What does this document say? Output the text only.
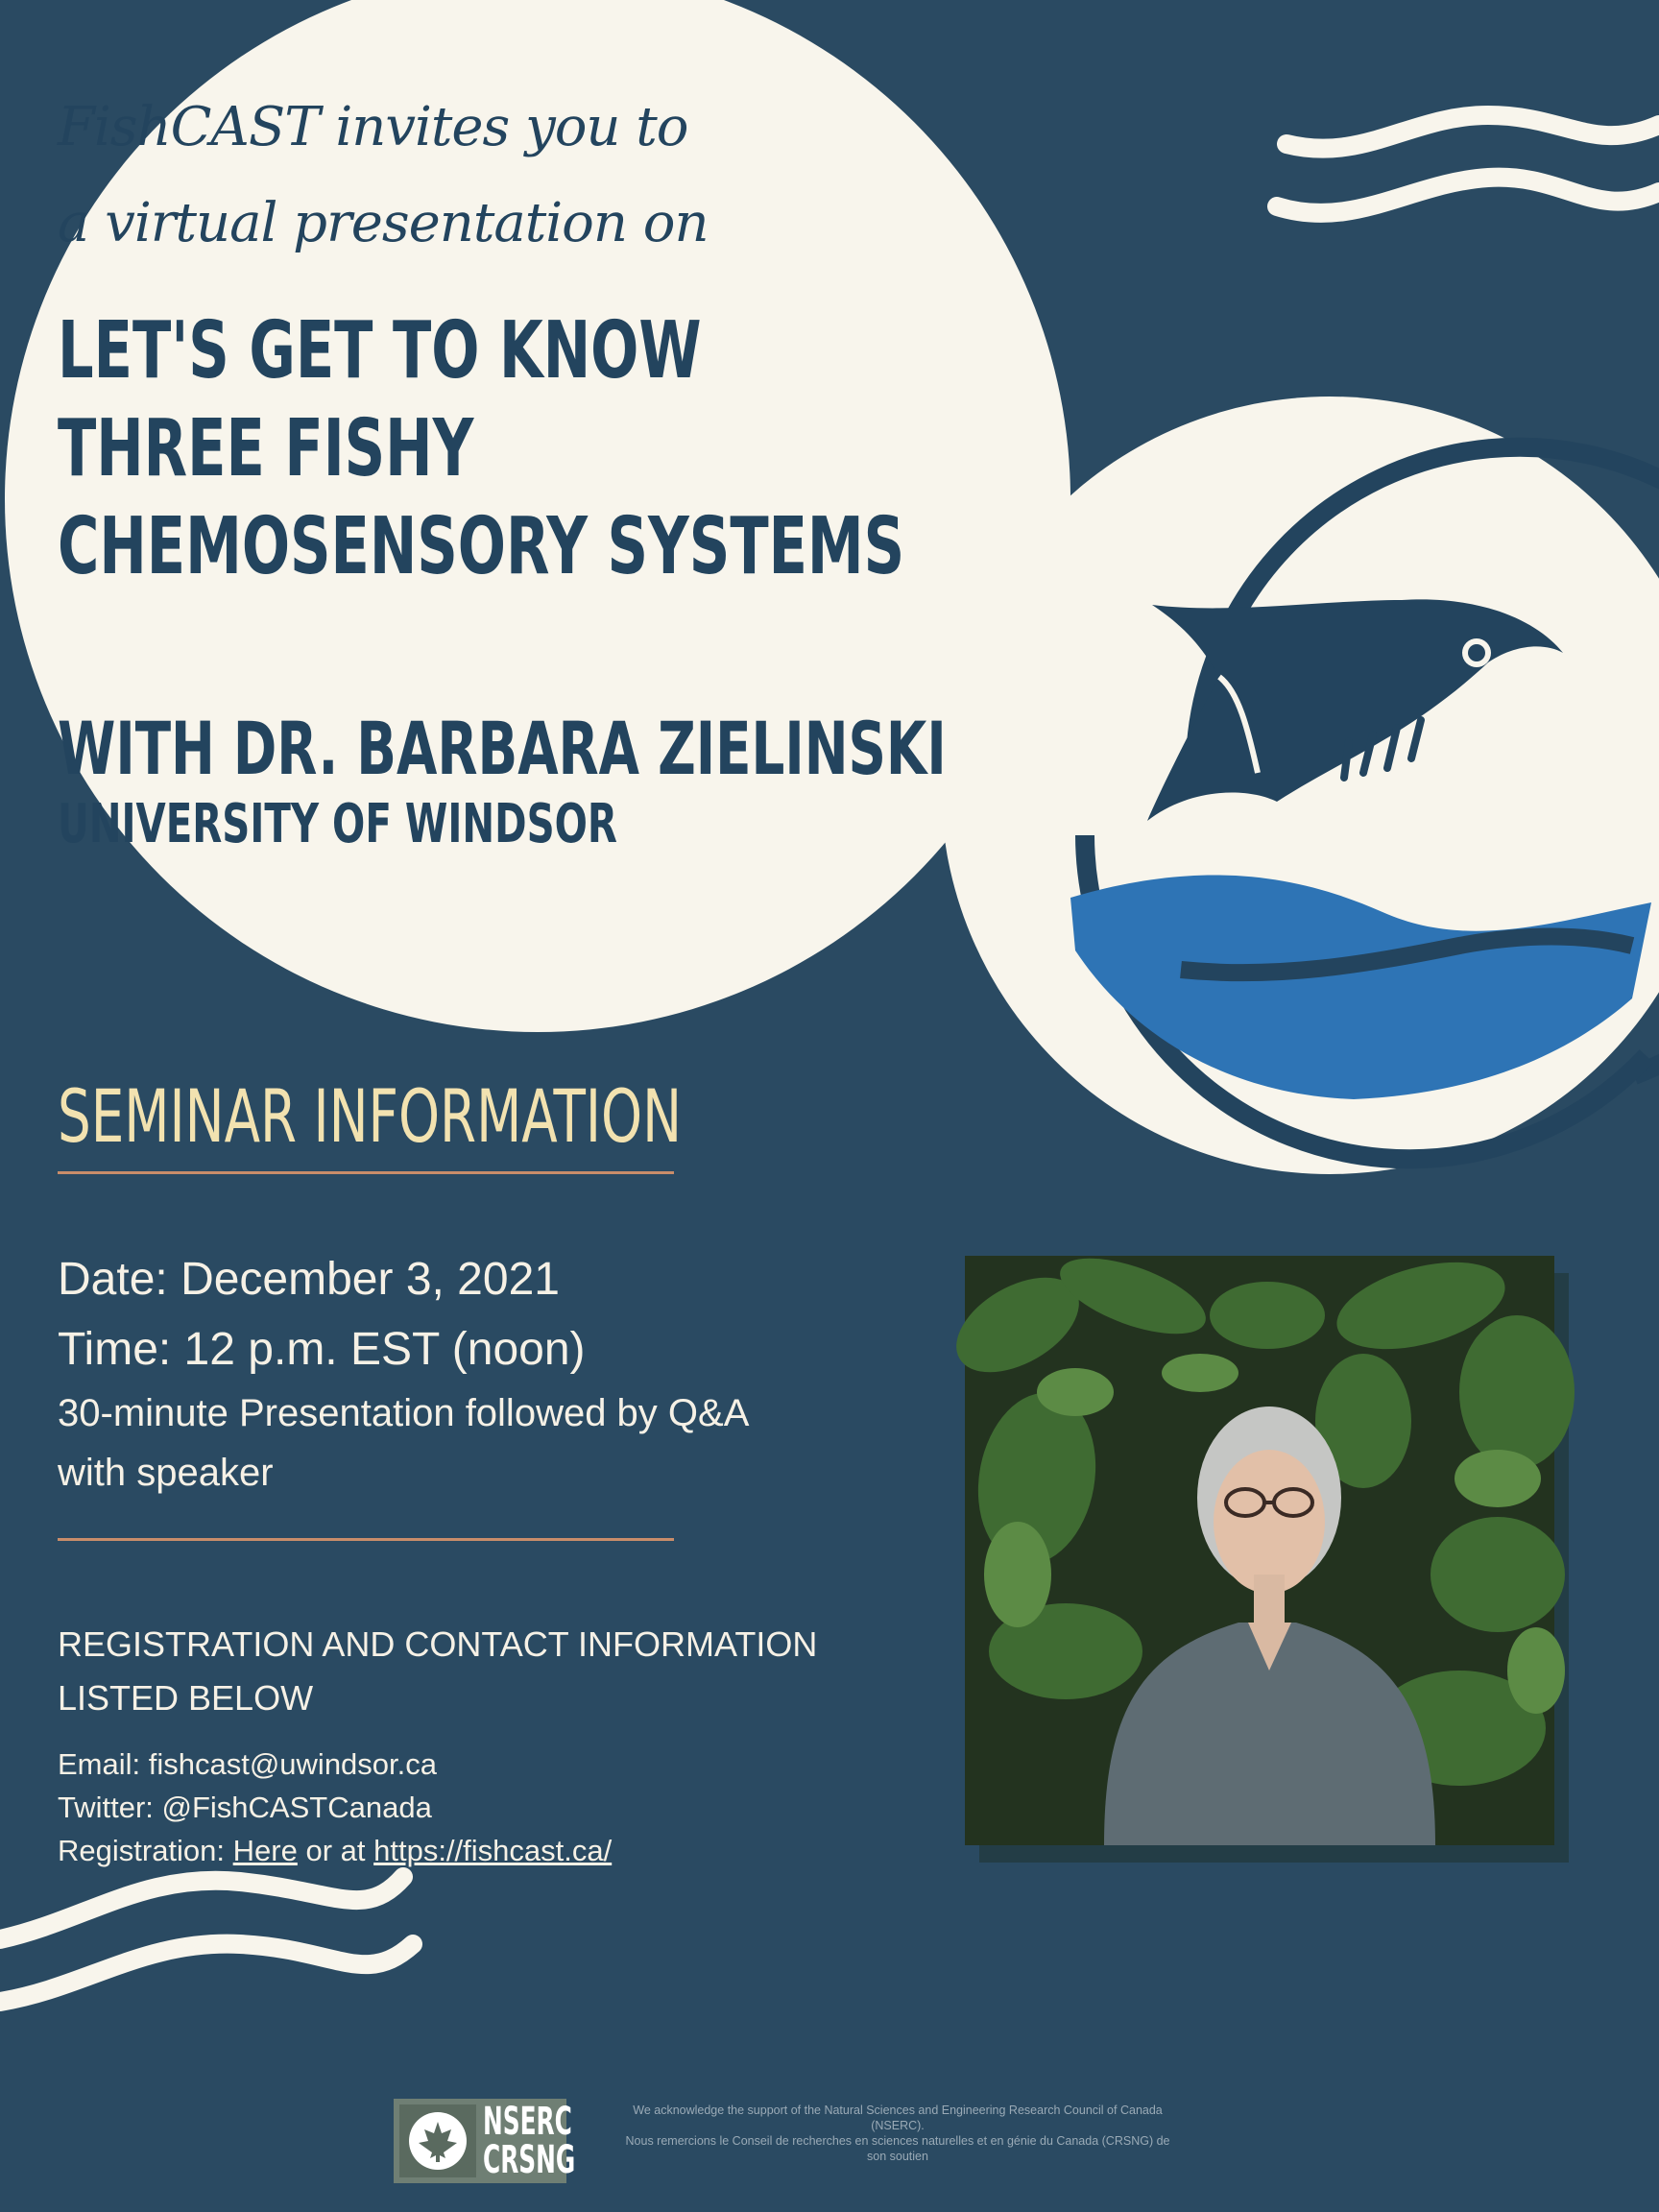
FishCAST invites you to
a virtual presentation on
LET'S GET TO KNOW
THREE FISHY
CHEMOSENSORY SYSTEMS
WITH DR. BARBARA ZIELINSKI
UNIVERSITY OF WINDSOR
SEMINAR INFORMATION
Date: December 3, 2021
Time: 12 p.m. EST (noon)
30-minute Presentation followed by Q&A
with speaker
REGISTRATION AND CONTACT INFORMATION
LISTED BELOW
Email: fishcast@uwindsor.ca
Twitter: @FishCASTCanada
Registration: Here or at https://fishcast.ca/
NSERC
CRSNG
We acknowledge the support of the Natural Sciences and Engineering Research Council of Canada
(NSERC).
Nous remercions le Conseil de recherches en sciences naturelles et en génie du Canada (CRSNG) de
son soutien
